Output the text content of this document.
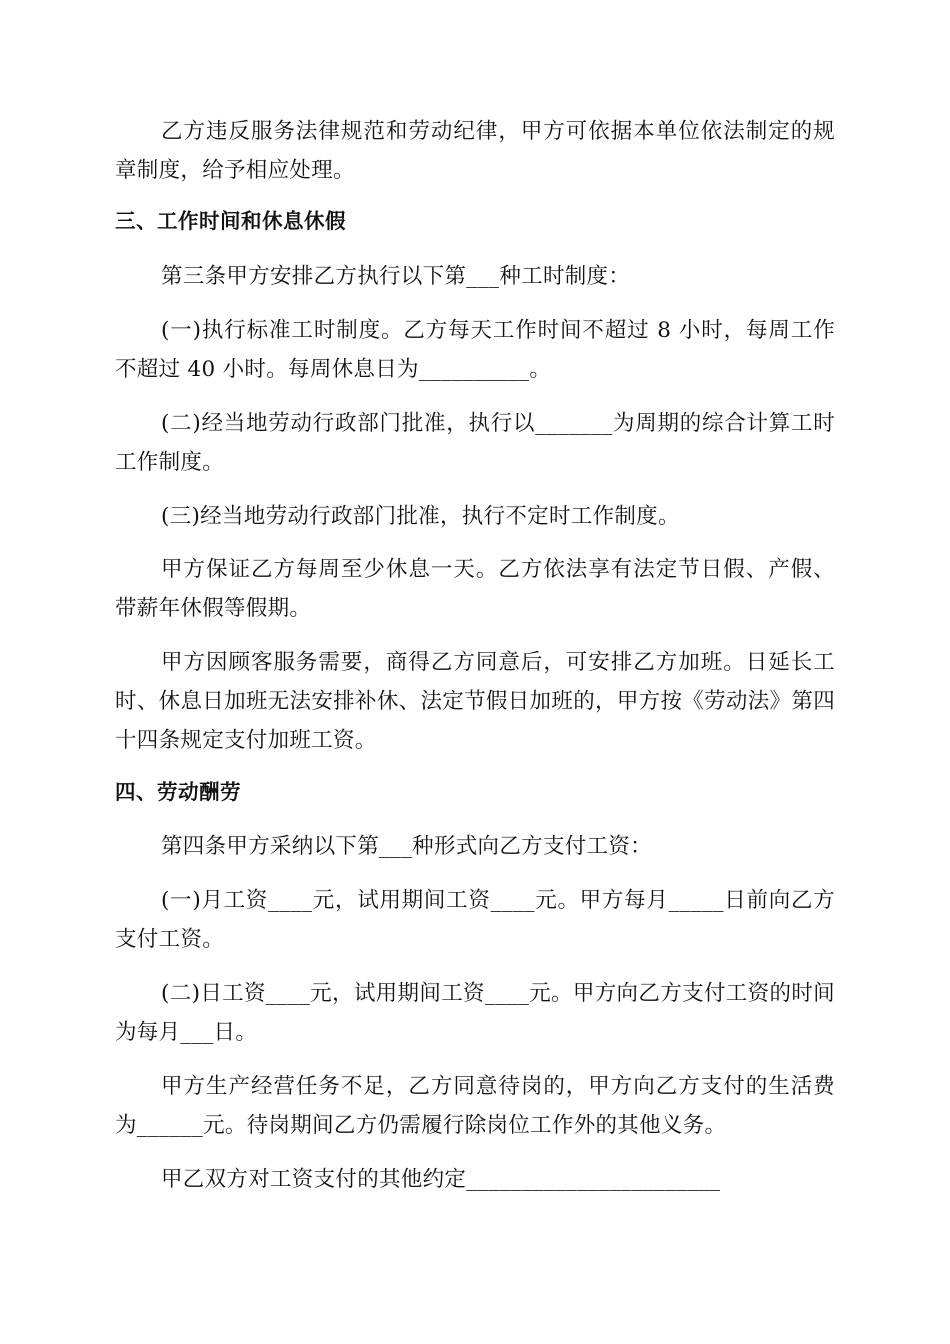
乙方违反服务法律规范和劳动纪律，甲方可依据本单位依法制定的规章制度，给予相应处理。

三、工作时间和休息休假

第三条甲方安排乙方执行以下第___种工时制度：

(一)执行标准工时制度。乙方每天工作时间不超过 8 小时，每周工作不超过 40 小时。每周休息日为__________。

(二)经当地劳动行政部门批准，执行以_______为周期的综合计算工时工作制度。

(三)经当地劳动行政部门批准，执行不定时工作制度。

甲方保证乙方每周至少休息一天。乙方依法享有法定节日假、产假、带薪年休假等假期。

甲方因顾客服务需要，商得乙方同意后，可安排乙方加班。日延长工时、休息日加班无法安排补休、法定节假日加班的，甲方按《劳动法》第四十四条规定支付加班工资。

四、劳动酬劳

第四条甲方采纳以下第___种形式向乙方支付工资：

(一)月工资____元，试用期间工资____元。甲方每月_____日前向乙方支付工资。

(二)日工资____元，试用期间工资____元。甲方向乙方支付工资的时间为每月___日。

甲方生产经营任务不足，乙方同意待岗的，甲方向乙方支付的生活费为______元。待岗期间乙方仍需履行除岗位工作外的其他义务。

甲乙双方对工资支付的其他约定_______________________
